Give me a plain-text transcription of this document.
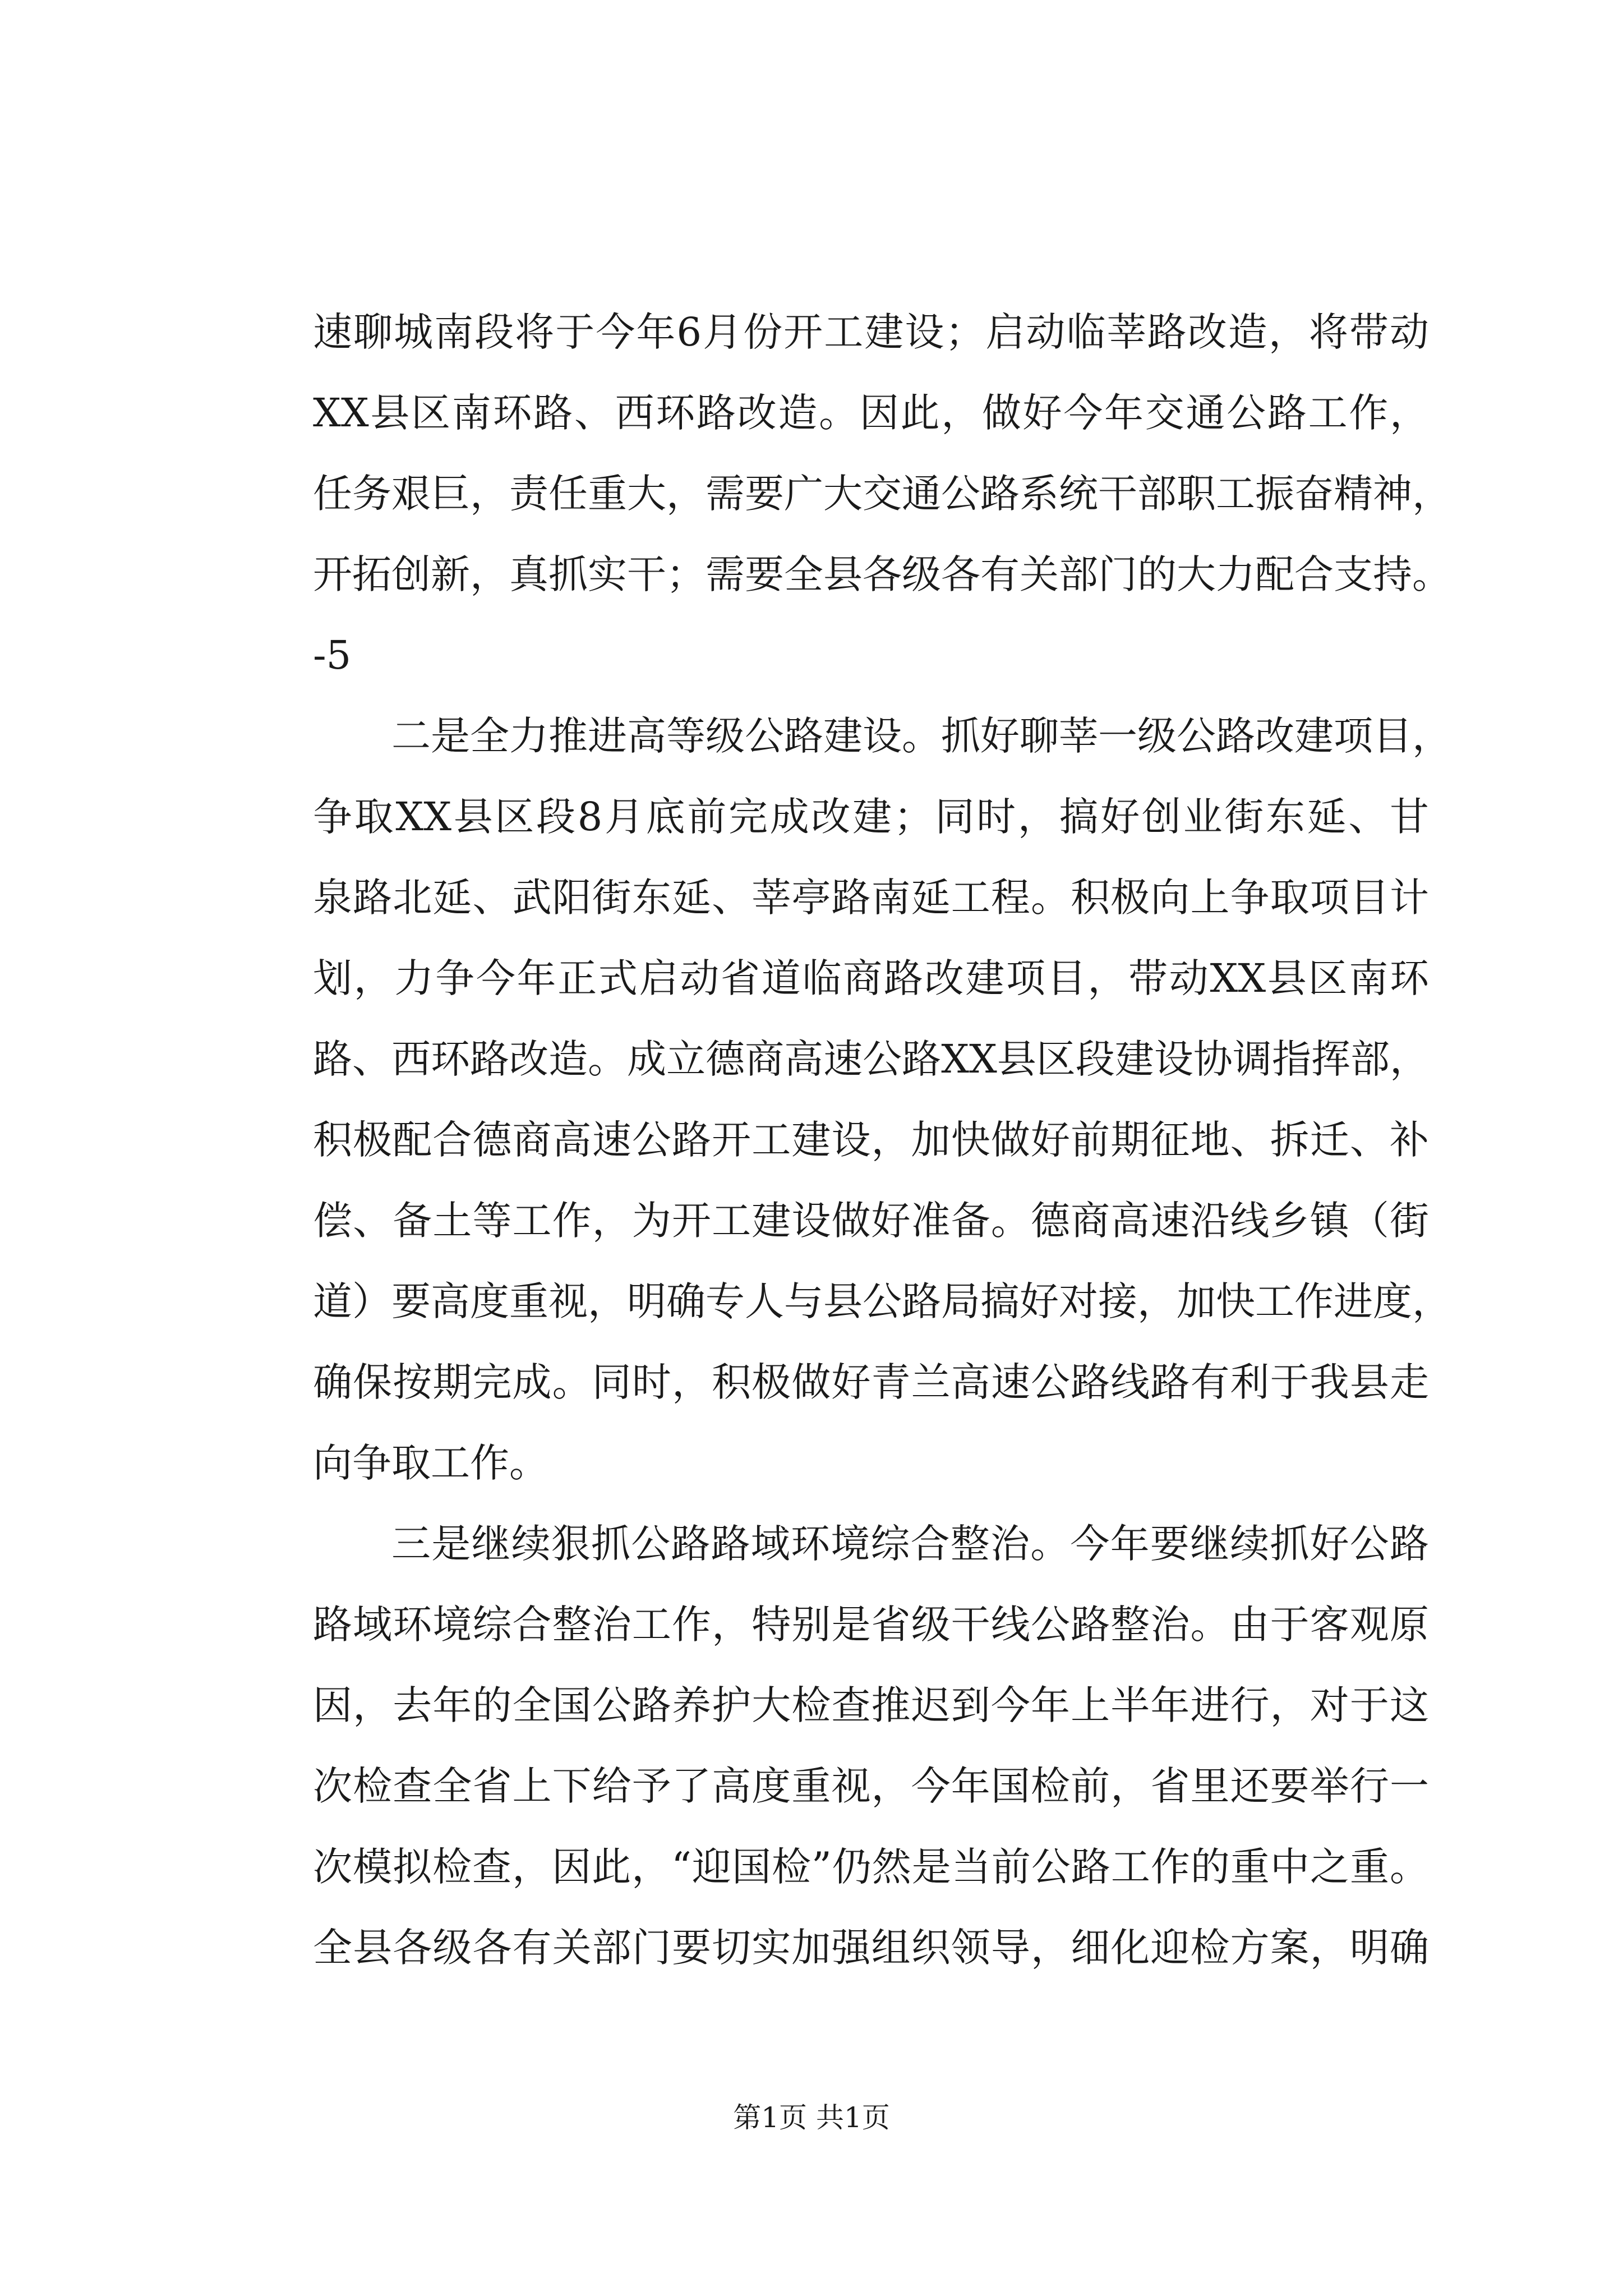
速聊城南段将于今年6月份开工建设；启动临莘路改造，将带动
XX县区南环路、西环路改造。因此，做好今年交通公路工作，
任务艰巨，责任重大，需要广大交通公路系统干部职工振奋精神，
开拓创新，真抓实干；需要全县各级各有关部门的大力配合支持。
-5
二是全力推进高等级公路建设。抓好聊莘一级公路改建项目，
争取XX县区段8月底前完成改建；同时，搞好创业街东延、甘
泉路北延、武阳街东延、莘亭路南延工程。积极向上争取项目计
划，力争今年正式启动省道临商路改建项目，带动XX县区南环
路、西环路改造。成立德商高速公路XX县区段建设协调指挥部，
积极配合德商高速公路开工建设，加快做好前期征地、拆迁、补
偿、备土等工作，为开工建设做好准备。德商高速沿线乡镇（街
道）要高度重视，明确专人与县公路局搞好对接，加快工作进度，
确保按期完成。同时，积极做好青兰高速公路线路有利于我县走
向争取工作。
三是继续狠抓公路路域环境综合整治。今年要继续抓好公路
路域环境综合整治工作，特别是省级干线公路整治。由于客观原
因，去年的全国公路养护大检查推迟到今年上半年进行，对于这
次检查全省上下给予了高度重视，今年国检前，省里还要举行一
次模拟检查，因此，“迎国检”仍然是当前公路工作的重中之重。
全县各级各有关部门要切实加强组织领导，细化迎检方案，明确
第1页 共1页
